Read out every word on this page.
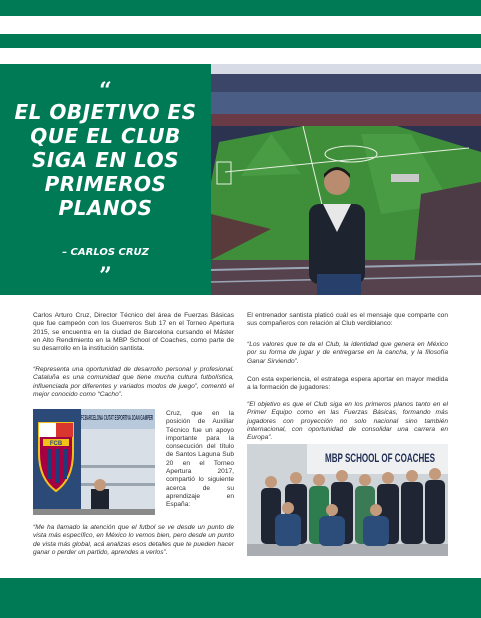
“
EL OBJETIVO ES QUE EL CLUB SIGA EN LOS PRIMEROS PLANOS
– CARLOS CRUZ
”
Carlos Arturo Cruz, Director Técnico del área de Fuerzas Básicas que fue campeón con los Guerreros Sub 17 en el Torneo Apertura 2015, se encuentra en la ciudad de Barcelona cursando el Máster en Alto Rendimiento en la MBP School of Coaches, como parte de su desarrollo en la institución santista.
“Representa una oportunidad de desarrollo personal y profesional. Cataluña es una comunidad que tiene mucha cultura futbolística, influenciada por diferentes y variados modos de juego”, comentó el mejor conocido como “Cacho”.
FCB
FCBARCELONA CIUTAT ESPORTIVA JOAN GAMPER
Cruz, que en la posición de Auxiliar Técnico fue un apoyo importante para la consecución del título de Santos Laguna Sub 20 en el Torneo Apertura 2017, compartió lo siguiente acerca de su aprendizaje en España:
“Me ha llamado la atención que el futbol se ve desde un punto de vista más específico, en México lo vemos bien, pero desde un punto de vista más global, acá analizas esos detalles que te pueden hacer ganar o perder un partido, aprendes a verlos”.
El entrenador santista platicó cuál es el mensaje que comparte con sus compañeros con relación al Club verdiblanco:
“Los valores que te da el Club, la identidad que genera en México por su forma de jugar y de entregarse en la cancha, y la filosofía Ganar Sirviendo”.
Con esta experiencia, el estratega espera aportar en mayor medida a la formación de jugadores:
“El objetivo es que el Club siga en los primeros planos tanto en el Primer Equipo como en las Fuerzas Básicas, formando más jugadores con proyección no solo nacional sino también internacional, con oportunidad de consolidar una carrera en Europa”.
MBP SCHOOL OF COACHES
